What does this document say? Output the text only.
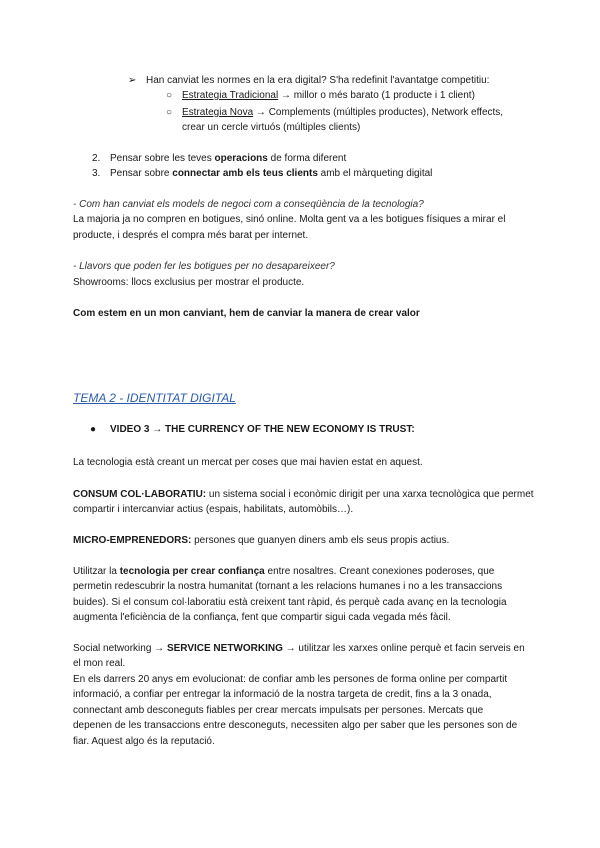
➢ Han canviat les normes en la era digital? S'ha redefinit l'avantatge competitiu:
○ Estrategia Tradicional → millor o més barato (1 producte i 1 client)
○ Estrategia Nova → Complements (múltiples productes), Network effects,
crear un cercle virtuós (múltiples clients)
2. Pensar sobre les teves operacions de forma diferent
3. Pensar sobre connectar amb els teus clients amb el màrqueting digital
- Com han canviat els models de negoci com a conseqüència de la tecnologia?
La majoria ja no compren en botigues, sinó online. Molta gent va a les botigues físiques a mirar el
producte, i després el compra més barat per internet.
- Llavors que poden fer les botigues per no desapareixeer?
Showrooms: llocs exclusius per mostrar el producte.
Com estem en un mon canviant, hem de canviar la manera de crear valor
TEMA 2 - IDENTITAT DIGITAL
● VIDEO 3 → THE CURRENCY OF THE NEW ECONOMY IS TRUST:
La tecnologia està creant un mercat per coses que mai havien estat en aquest.
CONSUM COL·LABORATIU: un sistema social i econòmic dirigit per una xarxa tecnològica que permet
compartir i intercanviar actius (espais, habilitats, automòbils…).
MICRO-EMPRENEDORS: persones que guanyen diners amb els seus propis actius.
Utilitzar la tecnologia per crear confiança entre nosaltres. Creant conexiones poderoses, que
permetin redescubrir la nostra humanitat (tornant a les relacions humanes i no a les transaccions
buides). Si el consum col·laboratiu està creixent tant ràpid, és perquè cada avanç en la tecnologia
augmenta l'eficiència de la confiança, fent que compartir sigui cada vegada més fàcil.
Social networking → SERVICE NETWORKING → utilitzar les xarxes online perquè et facin serveis en
el mon real.
En els darrers 20 anys em evolucionat: de confiar amb les persones de forma online per compartit
informació, a confiar per entregar la informació de la nostra targeta de credit, fins a la 3 onada,
connectant amb desconeguts fiables per crear mercats impulsats per persones. Mercats que
depenen de les transaccions entre desconeguts, necessiten algo per saber que les persones son de
fiar. Aquest algo és la reputació.
